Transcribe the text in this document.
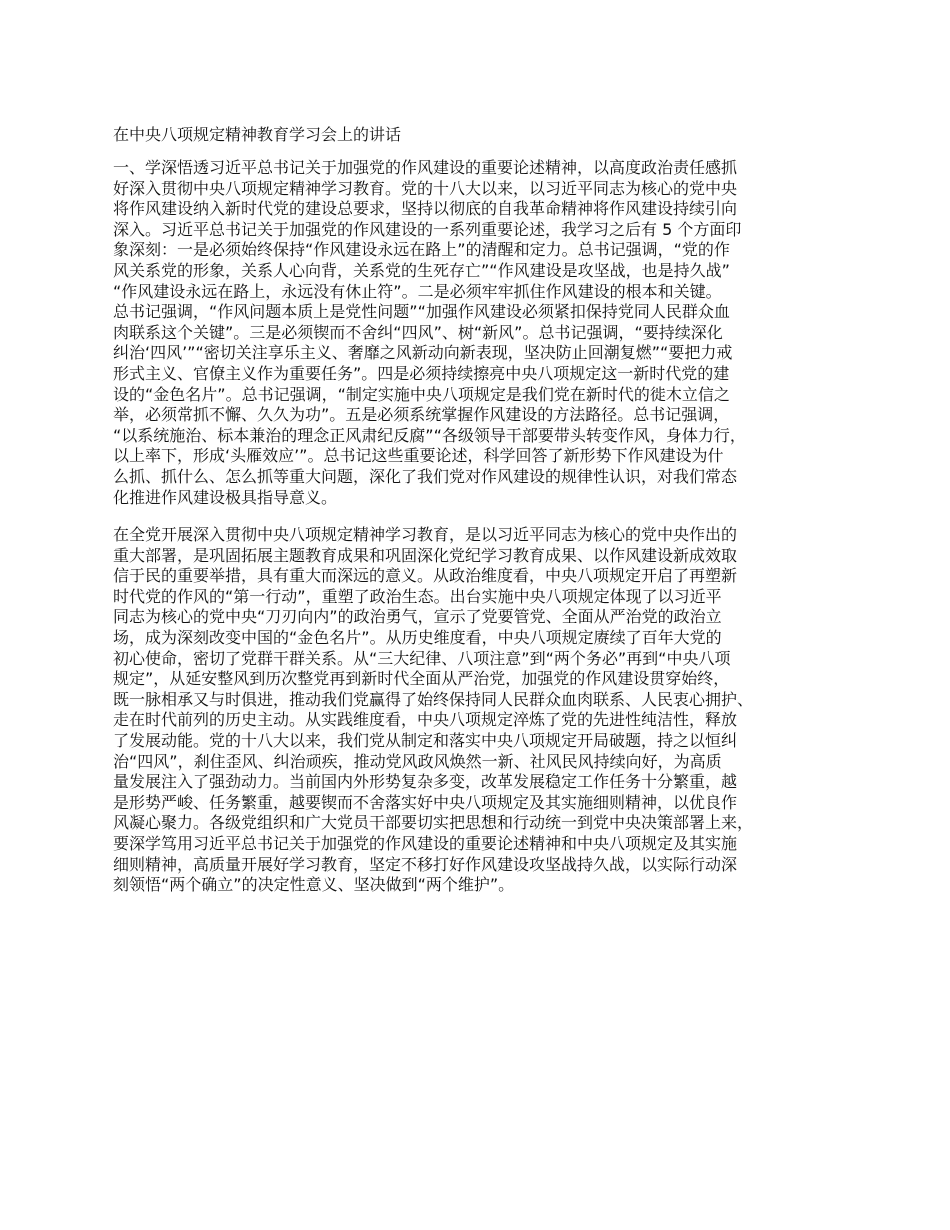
在中央八项规定精神教育学习会上的讲话
一、学深悟透习近平总书记关于加强党的作风建设的重要论述精神，以高度政治责任感抓
好深入贯彻中央八项规定精神学习教育。党的十八大以来，以习近平同志为核心的党中央
将作风建设纳入新时代党的建设总要求，坚持以彻底的自我革命精神将作风建设持续引向
深入。习近平总书记关于加强党的作风建设的一系列重要论述，我学习之后有 5 个方面印
象深刻：一是必须始终保持“作风建设永远在路上”的清醒和定力。总书记强调，“党的作
风关系党的形象，关系人心向背，关系党的生死存亡”“作风建设是攻坚战，也是持久战”
“作风建设永远在路上，永远没有休止符”。二是必须牢牢抓住作风建设的根本和关键。
总书记强调，“作风问题本质上是党性问题”“加强作风建设必须紧扣保持党同人民群众血
肉联系这个关键”。三是必须锲而不舍纠“四风”、树“新风”。总书记强调，“要持续深化
纠治‘四风’”“密切关注享乐主义、奢靡之风新动向新表现，坚决防止回潮复燃”“要把力戒
形式主义、官僚主义作为重要任务”。四是必须持续擦亮中央八项规定这一新时代党的建
设的“金色名片”。总书记强调，“制定实施中央八项规定是我们党在新时代的徙木立信之
举，必须常抓不懈、久久为功”。五是必须系统掌握作风建设的方法路径。总书记强调，
“以系统施治、标本兼治的理念正风肃纪反腐”“各级领导干部要带头转变作风，身体力行，
以上率下，形成‘头雁效应’”。总书记这些重要论述，科学回答了新形势下作风建设为什
么抓、抓什么、怎么抓等重大问题，深化了我们党对作风建设的规律性认识，对我们常态
化推进作风建设极具指导意义。
在全党开展深入贯彻中央八项规定精神学习教育，是以习近平同志为核心的党中央作出的
重大部署，是巩固拓展主题教育成果和巩固深化党纪学习教育成果、以作风建设新成效取
信于民的重要举措，具有重大而深远的意义。从政治维度看，中央八项规定开启了再塑新
时代党的作风的“第一行动”，重塑了政治生态。出台实施中央八项规定体现了以习近平
同志为核心的党中央“刀刃向内”的政治勇气，宣示了党要管党、全面从严治党的政治立
场，成为深刻改变中国的“金色名片”。从历史维度看，中央八项规定赓续了百年大党的
初心使命，密切了党群干群关系。从“三大纪律、八项注意”到“两个务必”再到“中央八项
规定”，从延安整风到历次整党再到新时代全面从严治党，加强党的作风建设贯穿始终，
既一脉相承又与时俱进，推动我们党赢得了始终保持同人民群众血肉联系、人民衷心拥护、
走在时代前列的历史主动。从实践维度看，中央八项规定淬炼了党的先进性纯洁性，释放
了发展动能。党的十八大以来，我们党从制定和落实中央八项规定开局破题，持之以恒纠
治“四风”，刹住歪风、纠治顽疾，推动党风政风焕然一新、社风民风持续向好，为高质
量发展注入了强劲动力。当前国内外形势复杂多变，改革发展稳定工作任务十分繁重，越
是形势严峻、任务繁重，越要锲而不舍落实好中央八项规定及其实施细则精神，以优良作
风凝心聚力。各级党组织和广大党员干部要切实把思想和行动统一到党中央决策部署上来，
要深学笃用习近平总书记关于加强党的作风建设的重要论述精神和中央八项规定及其实施
细则精神，高质量开展好学习教育，坚定不移打好作风建设攻坚战持久战，以实际行动深
刻领悟“两个确立”的决定性意义、坚决做到“两个维护”。
